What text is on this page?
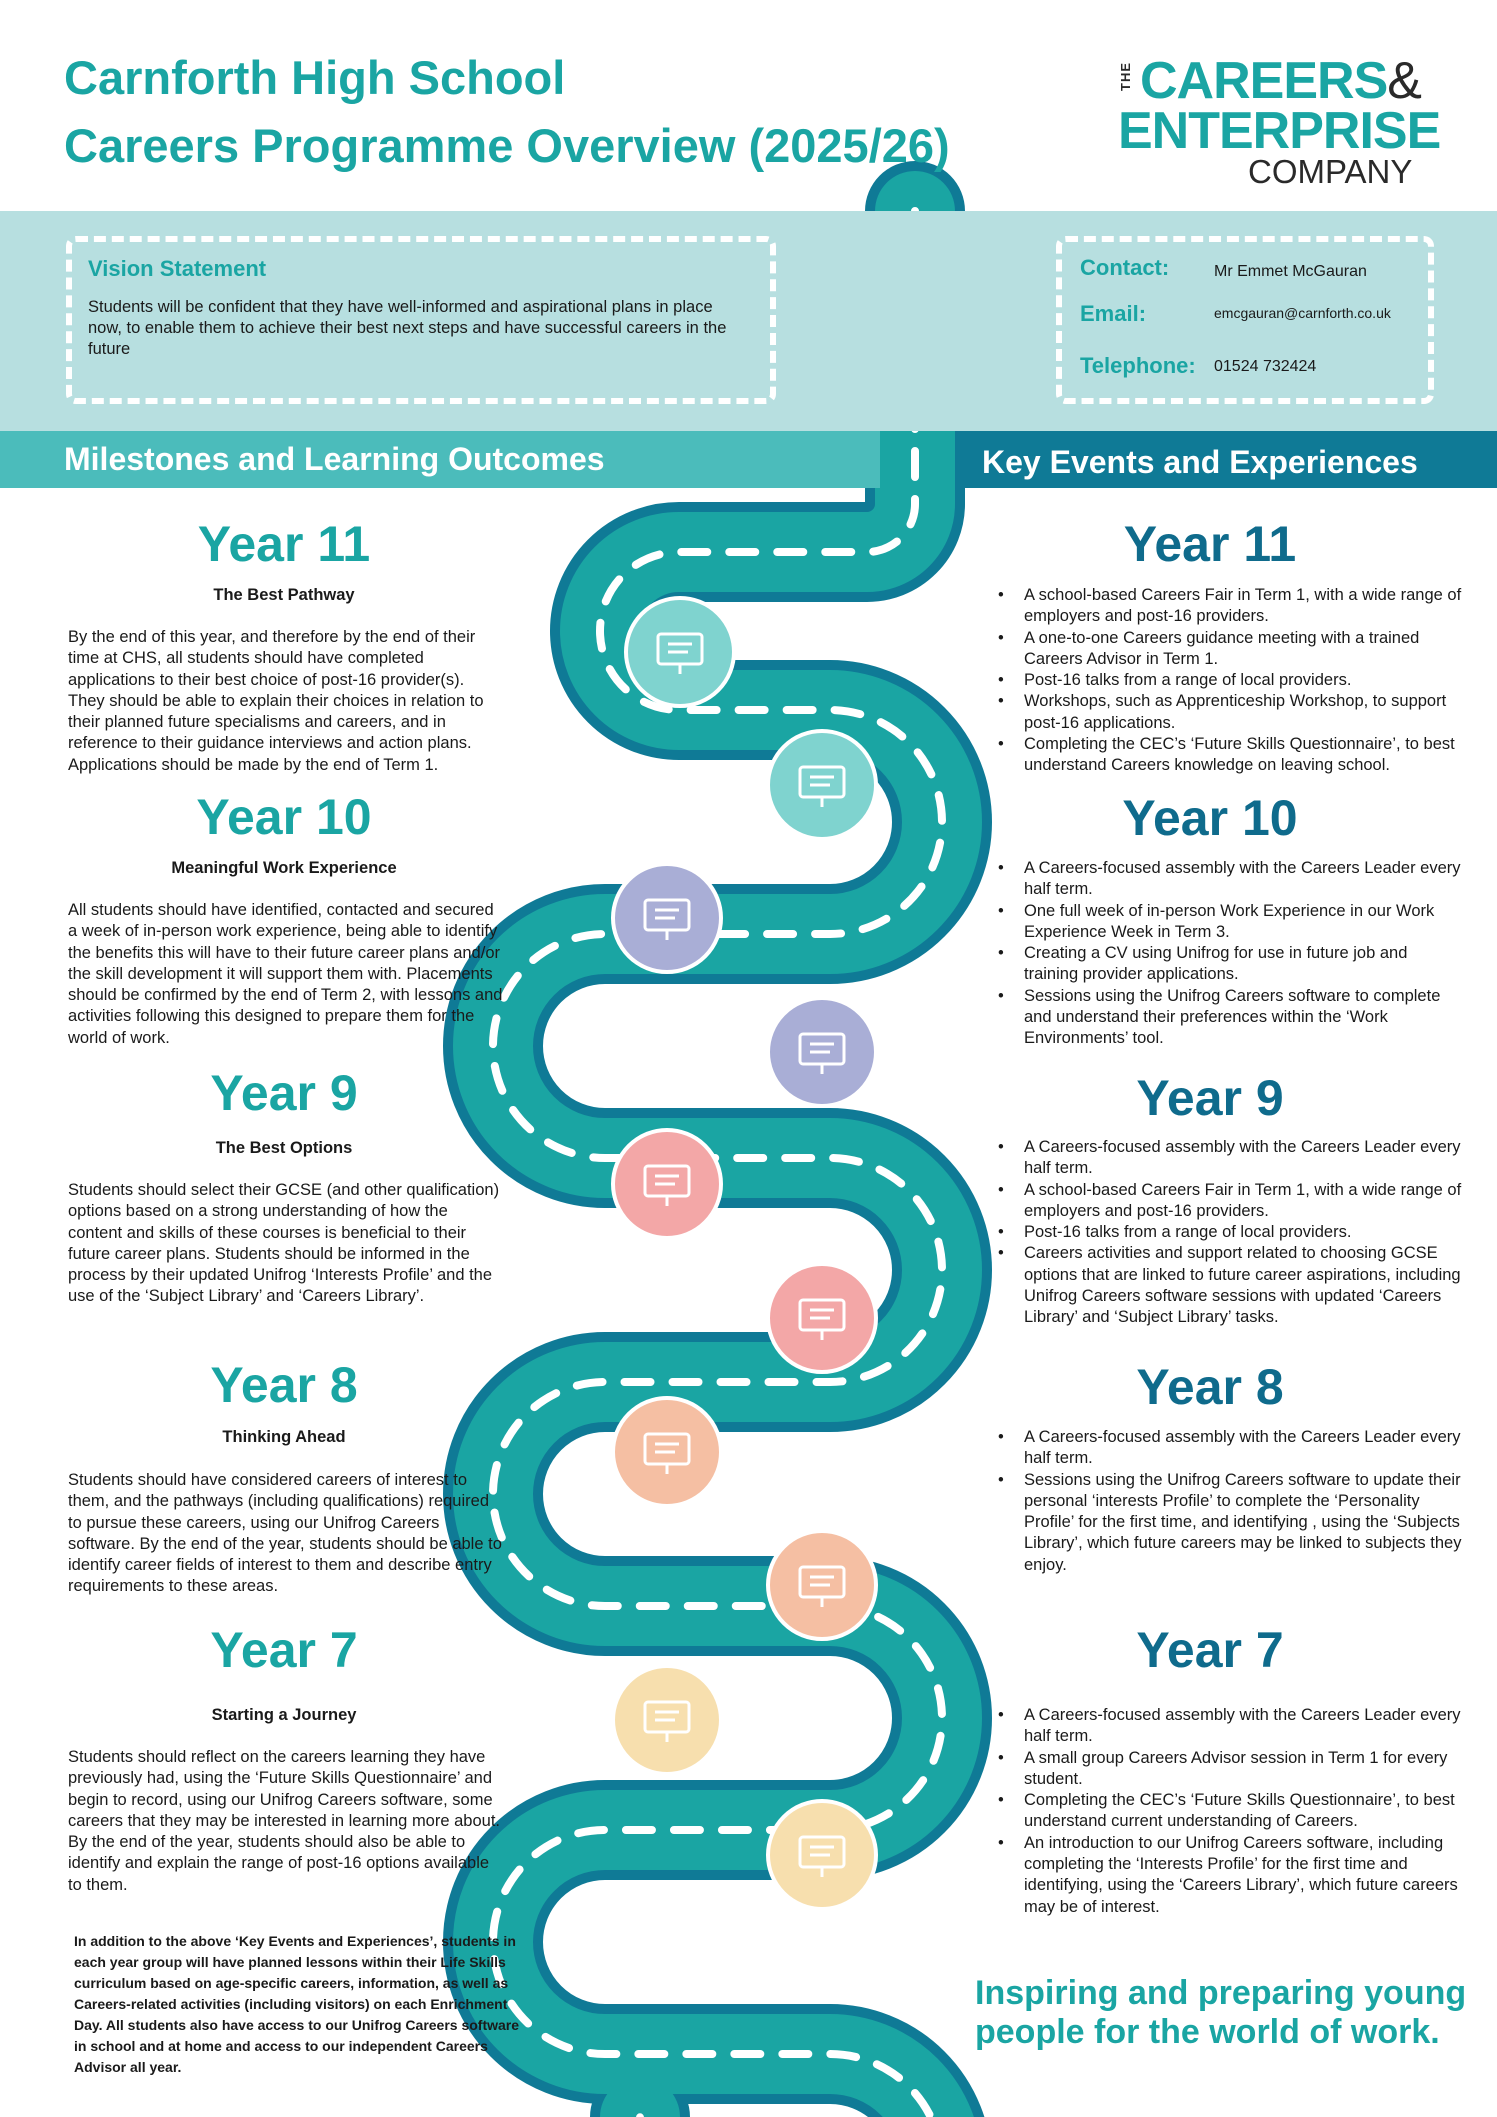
Carnforth High School
Careers Programme Overview (2025/26)
THE CAREERS&
ENTERPRISE
COMPANY
Vision Statement
Students will be confident that they have well-informed and aspirational plans in place now, to enable them to achieve their best next steps and have successful careers in the future
Contact:	Mr Emmet McGauran
Email:	emcgauran@carnforth.co.uk
Telephone: 01524 732424
Milestones and Learning Outcomes	Key Events and Experiences
Year 11
The Best Pathway
By the end of this year, and therefore by the end of their time at CHS, all students should have completed applications to their best choice of post-16 provider(s). They should be able to explain their choices in relation to their planned future specialisms and careers, and in reference to their guidance interviews and action plans. Applications should be made by the end of Term 1.
Year 10
Meaningful Work Experience
All students should have identified, contacted and secured a week of in-person work experience, being able to identify the benefits this will have to their future career plans and/or the skill development it will support them with. Placements should be confirmed by the end of Term 2, with lessons and activities following this designed to prepare them for the world of work.
Year 9
The Best Options
Students should select their GCSE (and other qualification) options based on a strong understanding of how the content and skills of these courses is beneficial to their future career plans. Students should be informed in the process by their updated Unifrog ‘Interests Profile’ and the use of the ‘Subject Library’ and ‘Careers Library’.
Year 8
Thinking Ahead
Students should have considered careers of interest to them, and the pathways (including qualifications) required to pursue these careers, using our Unifrog Careers software. By the end of the year, students should be able to identify career fields of interest to them and describe entry requirements to these areas.
Year 7
Starting a Journey
Students should reflect on the careers learning they have previously had, using the ‘Future Skills Questionnaire’ and begin to record, using our Unifrog Careers software, some careers that they may be interested in learning more about. By the end of the year, students should also be able to identify and explain the range of post-16 options available to them.
In addition to the above ‘Key Events and Experiences’, students in each year group will have planned lessons within their Life Skills curriculum based on age-specific careers, information, as well as Careers-related activities (including visitors) on each Enrichment Day. All students also have access to our Unifrog Careers software in school and at home and access to our independent Careers Advisor all year.
Year 11
• A school-based Careers Fair in Term 1, with a wide range of employers and post-16 providers.
• A one-to-one Careers guidance meeting with a trained Careers Advisor in Term 1.
• Post-16 talks from a range of local providers.
• Workshops, such as Apprenticeship Workshop, to support post-16 applications.
• Completing the CEC’s ‘Future Skills Questionnaire’, to best understand Careers knowledge on leaving school.
Year 10
• A Careers-focused assembly with the Careers Leader every half term.
• One full week of in-person Work Experience in our Work Experience Week in Term 3.
• Creating a CV using Unifrog for use in future job and training provider applications.
• Sessions using the Unifrog Careers software to complete and understand their preferences within the ‘Work Environments’ tool.
Year 9
• A Careers-focused assembly with the Careers Leader every half term.
• A school-based Careers Fair in Term 1, with a wide range of employers and post-16 providers.
• Post-16 talks from a range of local providers.
• Careers activities and support related to choosing GCSE options that are linked to future career aspirations, including Unifrog Careers software sessions with updated ‘Careers Library’ and ‘Subject Library’ tasks.
Year 8
• A Careers-focused assembly with the Careers Leader every half term.
• Sessions using the Unifrog Careers software to update their personal ‘interests Profile’ to complete the ‘Personality Profile’ for the first time, and identifying , using the ‘Subjects Library’, which future careers may be linked to subjects they enjoy.
Year 7
• A Careers-focused assembly with the Careers Leader every half term.
• A small group Careers Advisor session in Term 1 for every student.
• Completing the CEC’s ‘Future Skills Questionnaire’, to best understand current understanding of Careers.
• An introduction to our Unifrog Careers software, including completing the ‘Interests Profile’ for the first time and identifying, using the ‘Careers Library’, which future careers may be of interest.
Inspiring and preparing young people for the world of work.
